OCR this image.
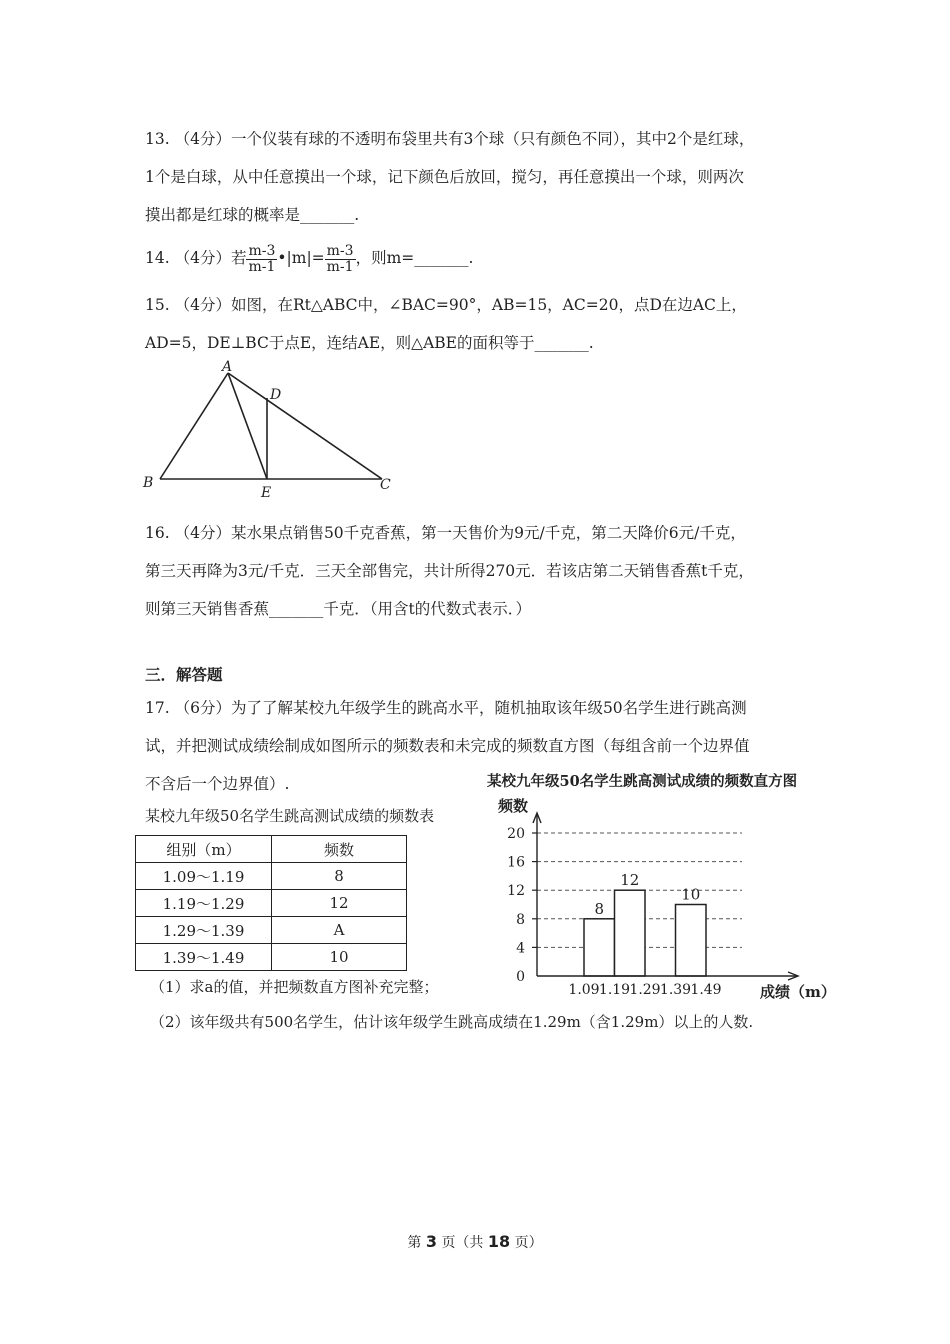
13. （4分）一个仪装有球的不透明布袋里共有3个球（只有颜色不同），其中2个是红球，
1个是白球，从中任意摸出一个球，记下颜色后放回，搅匀，再任意摸出一个球，则两次
摸出都是红球的概率是_______.
14. （4分）若 $\frac{m-3}{m-1}$ •|m|= $\frac{m-3}{m-1}$ ，则m=_______.
15. （4分）如图，在Rt△ABC中，∠BAC=90°，AB=15，AC=20，点D在边AC上，
AD=5，DE⊥BC于点E，连结AE，则△ABE的面积等于_______.
A
B	C
D
E
16. （4分）某水果点销售50千克香蕉，第一天售价为9元/千克，第二天降价6元/千克，
第三天再降为3元/千克．三天全部售完，共计所得270元．若该店第二天销售香蕉t千克，
则第三天销售香蕉_______千克．（用含t的代数式表示．）
三．解答题
17. （6分）为了了解某校九年级学生的跳高水平，随机抽取该年级50名学生进行跳高测
试，并把测试成绩绘制成如图所示的频数表和未完成的频数直方图（每组含前一个边界值
不含后一个边界值）.
某校九年级50名学生跳高测试成绩的频数表
组别（m）	频数
1.09～1.19	8
1.19～1.29	12
1.29～1.39	A
1.39～1.49	10
（1）求a的值，并把频数直方图补充完整；
（2）该年级共有500名学生，估计该年级学生跳高成绩在1.29m（含1.29m）以上的人数.
某校九年级50名学生跳高测试成绩的频数直方图
频数
成绩（m）
0
4
8
12
16
20
8
12
10
1.09 1.19 1.29 1.39 1.49
第 3 页（共 18 页）
